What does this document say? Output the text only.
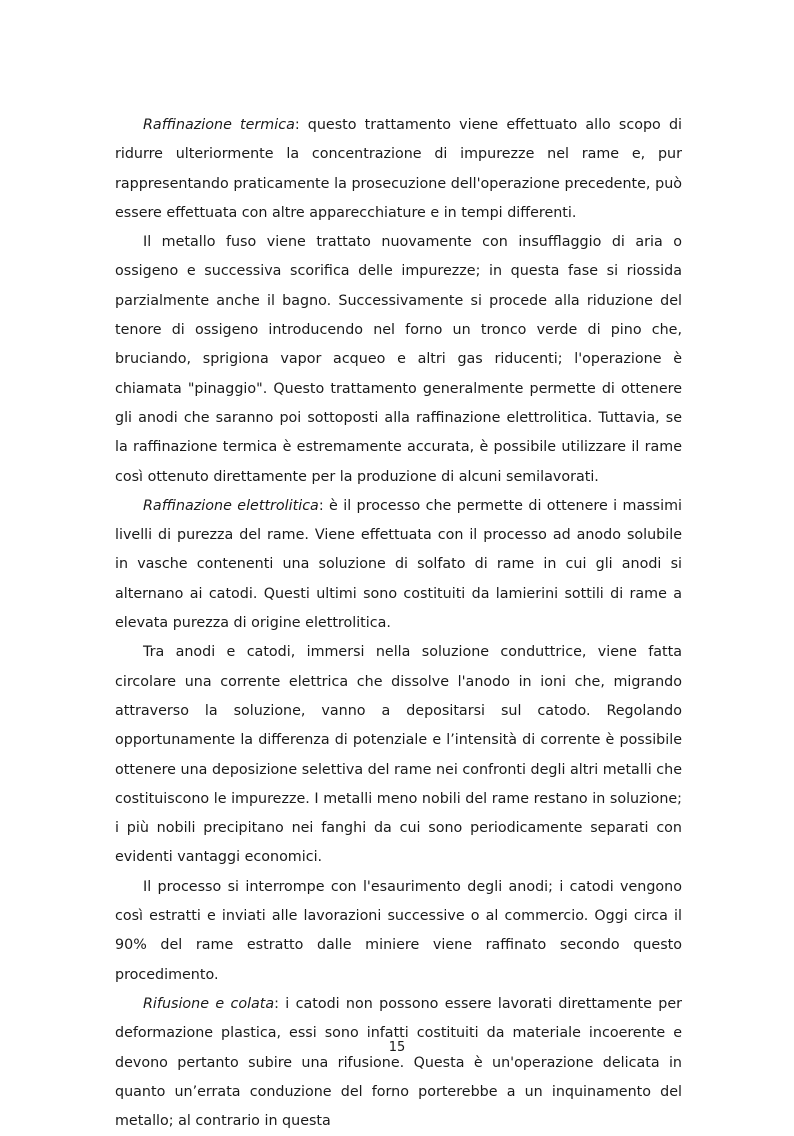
Raffinazione termica: questo trattamento viene effettuato allo scopo di ridurre ulteriormente la concentrazione di impurezze nel rame e, pur rappresentando praticamente la prosecuzione dell'operazione precedente, può essere effettuata con altre apparecchiature e in tempi differenti.

Il metallo fuso viene trattato nuovamente con insufflaggio di aria o ossigeno e successiva scorifica delle impurezze; in questa fase si riossida parzialmente anche il bagno. Successivamente si procede alla riduzione del tenore di ossigeno introducendo nel forno un tronco verde di pino che, bruciando, sprigiona vapor acqueo e altri gas riducenti; l'operazione è chiamata "pinaggio". Questo trattamento generalmente permette di ottenere gli anodi che saranno poi sottoposti alla raffinazione elettrolitica. Tuttavia, se la raffinazione termica è estremamente accurata, è possibile utilizzare il rame così ottenuto direttamente per la produzione di alcuni semilavorati.

Raffinazione elettrolitica: è il processo che permette di ottenere i massimi livelli di purezza del rame. Viene effettuata con il processo ad anodo solubile in vasche contenenti una soluzione di solfato di rame in cui gli anodi si alternano ai catodi. Questi ultimi sono costituiti da lamierini sottili di rame a elevata purezza di origine elettrolitica.

Tra anodi e catodi, immersi nella soluzione conduttrice, viene fatta circolare una corrente elettrica che dissolve l'anodo in ioni che, migrando attraverso la soluzione, vanno a depositarsi sul catodo. Regolando opportunamente la differenza di potenziale e l’intensità di corrente è possibile ottenere una deposizione selettiva del rame nei confronti degli altri metalli che costituiscono le impurezze. I metalli meno nobili del rame restano in soluzione; i più nobili precipitano nei fanghi da cui sono periodicamente separati con evidenti vantaggi economici.

Il processo si interrompe con l'esaurimento degli anodi; i catodi vengono così estratti e inviati alle lavorazioni successive o al commercio. Oggi circa il 90% del rame estratto dalle miniere viene raffinato secondo questo procedimento.

Rifusione e colata: i catodi non possono essere lavorati direttamente per deformazione plastica, essi sono infatti costituiti da materiale incoerente e devono pertanto subire una rifusione. Questa è un'operazione delicata in quanto un’errata conduzione del forno porterebbe a un inquinamento del metallo; al contrario in questa

15
